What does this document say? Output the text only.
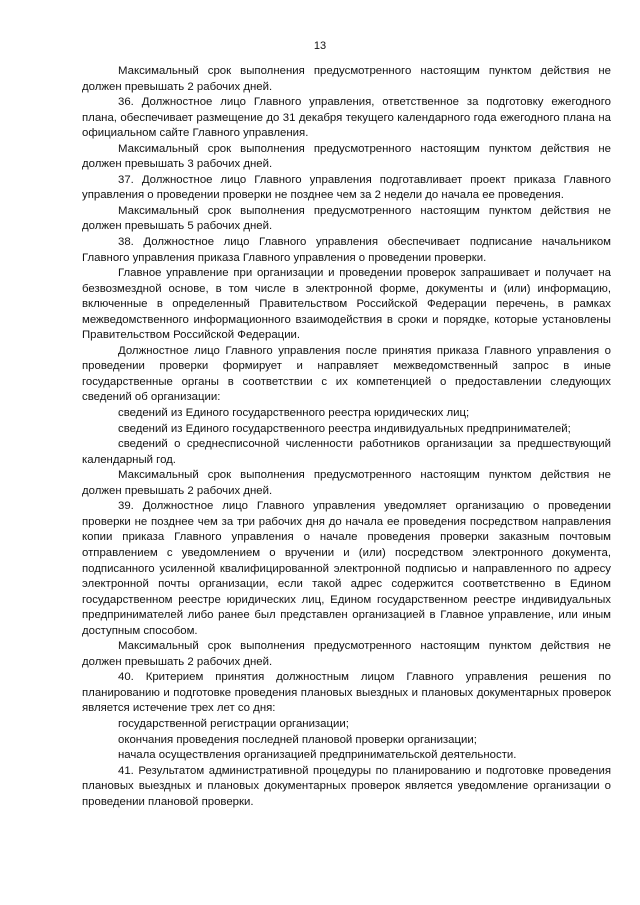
13

Максимальный срок выполнения предусмотренного настоящим пунктом действия не должен превышать 2 рабочих дней.

36. Должностное лицо Главного управления, ответственное за подготовку ежегодного плана, обеспечивает размещение до 31 декабря текущего календарного года ежегодного плана на официальном сайте Главного управления.

Максимальный срок выполнения предусмотренного настоящим пунктом действия не должен превышать 3 рабочих дней.

37. Должностное лицо Главного управления подготавливает проект приказа Главного управления о проведении проверки не позднее чем за 2 недели до начала ее проведения.

Максимальный срок выполнения предусмотренного настоящим пунктом действия не должен превышать 5 рабочих дней.

38. Должностное лицо Главного управления обеспечивает подписание начальником Главного управления приказа Главного управления о проведении проверки.

Главное управление при организации и проведении проверок запрашивает и получает на безвозмездной основе, в том числе в электронной форме, документы и (или) информацию, включенные в определенный Правительством Российской Федерации перечень, в рамках межведомственного информационного взаимодействия в сроки и порядке, которые установлены Правительством Российской Федерации.

Должностное лицо Главного управления после принятия приказа Главного управления о проведении проверки формирует и направляет межведомственный запрос в иные государственные органы в соответствии с их компетенцией о предоставлении следующих сведений об организации:

сведений из Единого государственного реестра юридических лиц;

сведений из Единого государственного реестра индивидуальных предпринимателей;

сведений о среднесписочной численности работников организации за предшествующий календарный год.

Максимальный срок выполнения предусмотренного настоящим пунктом действия не должен превышать 2 рабочих дней.

39. Должностное лицо Главного управления уведомляет организацию о проведении проверки не позднее чем за три рабочих дня до начала ее проведения посредством направления копии приказа Главного управления о начале проведения проверки заказным почтовым отправлением с уведомлением о вручении и (или) посредством электронного документа, подписанного усиленной квалифицированной электронной подписью и направленного по адресу электронной почты организации, если такой адрес содержится соответственно в Едином государственном реестре юридических лиц, Едином государственном реестре индивидуальных предпринимателей либо ранее был представлен организацией в Главное управление, или иным доступным способом.

Максимальный срок выполнения предусмотренного настоящим пунктом действия не должен превышать 2 рабочих дней.

40. Критерием принятия должностным лицом Главного управления решения по планированию и подготовке проведения плановых выездных и плановых документарных проверок является истечение трех лет со дня:

государственной регистрации организации;

окончания проведения последней плановой проверки организации;

начала осуществления организацией предпринимательской деятельности.

41. Результатом административной процедуры по планированию и подготовке проведения плановых выездных и плановых документарных проверок является уведомление организации о проведении плановой проверки.
